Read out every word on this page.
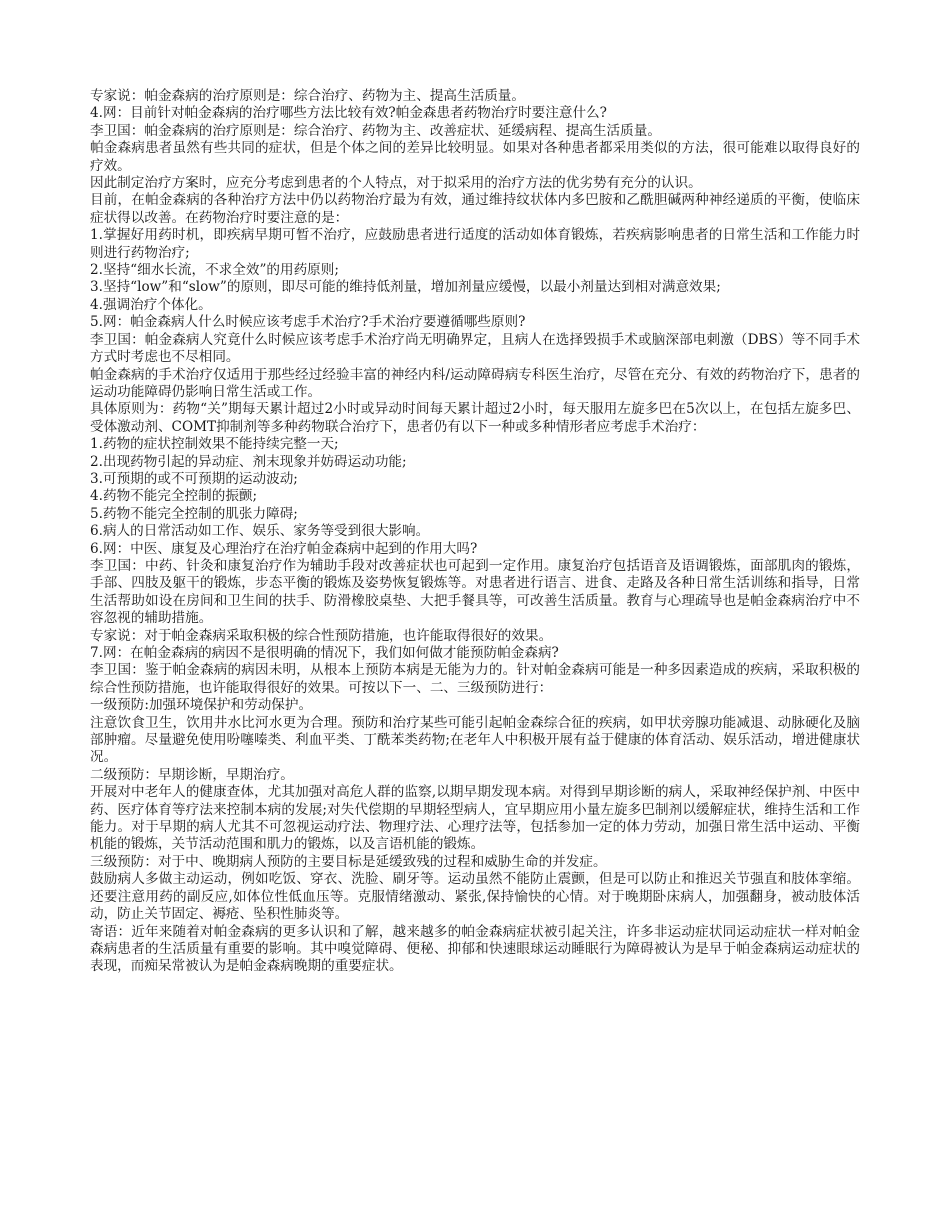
专家说：帕金森病的治疗原则是：综合治疗、药物为主、提高生活质量。

4.网：目前针对帕金森病的治疗哪些方法比较有效?帕金森患者药物治疗时要注意什么?

李卫国：帕金森病的治疗原则是：综合治疗、药物为主、改善症状、延缓病程、提高生活质量。

帕金森病患者虽然有些共同的症状，但是个体之间的差异比较明显。如果对各种患者都采用类似的方法，很可能难以取得良好的疗效。

因此制定治疗方案时，应充分考虑到患者的个人特点，对于拟采用的治疗方法的优劣势有充分的认识。

目前，在帕金森病的各种治疗方法中仍以药物治疗最为有效，通过维持纹状体内多巴胺和乙酰胆碱两种神经递质的平衡，使临床症状得以改善。在药物治疗时要注意的是：

1.掌握好用药时机，即疾病早期可暂不治疗，应鼓励患者进行适度的活动如体育锻炼，若疾病影响患者的日常生活和工作能力时则进行药物治疗;

2.坚持“细水长流，不求全效”的用药原则;

3.坚持“low”和“slow”的原则，即尽可能的维持低剂量，增加剂量应缓慢，以最小剂量达到相对满意效果;

4.强调治疗个体化。

5.网：帕金森病人什么时候应该考虑手术治疗?手术治疗要遵循哪些原则?

李卫国：帕金森病人究竟什么时候应该考虑手术治疗尚无明确界定，且病人在选择毁损手术或脑深部电刺激（DBS）等不同手术方式时考虑也不尽相同。

帕金森病的手术治疗仅适用于那些经过经验丰富的神经内科/运动障碍病专科医生治疗，尽管在充分、有效的药物治疗下，患者的运动功能障碍仍影响日常生活或工作。

具体原则为：药物“关”期每天累计超过2小时或异动时间每天累计超过2小时，每天服用左旋多巴在5次以上，在包括左旋多巴、受体激动剂、COMT抑制剂等多种药物联合治疗下，患者仍有以下一种或多种情形者应考虑手术治疗：

1.药物的症状控制效果不能持续完整一天;

2.出现药物引起的异动症、剂末现象并妨碍运动功能;

3.可预期的或不可预期的运动波动;

4.药物不能完全控制的振颤;

5.药物不能完全控制的肌张力障碍;

6.病人的日常活动如工作、娱乐、家务等受到很大影响。

6.网：中医、康复及心理治疗在治疗帕金森病中起到的作用大吗?

李卫国：中药、针灸和康复治疗作为辅助手段对改善症状也可起到一定作用。康复治疗包括语音及语调锻炼，面部肌肉的锻炼，手部、四肢及躯干的锻炼，步态平衡的锻炼及姿势恢复锻炼等。对患者进行语言、进食、走路及各种日常生活训练和指导，日常生活帮助如设在房间和卫生间的扶手、防滑橡胶桌垫、大把手餐具等，可改善生活质量。教育与心理疏导也是帕金森病治疗中不容忽视的辅助措施。

专家说：对于帕金森病采取积极的综合性预防措施，也许能取得很好的效果。

7.网：在帕金森病的病因不是很明确的情况下，我们如何做才能预防帕金森病?

李卫国：鉴于帕金森病的病因未明，从根本上预防本病是无能为力的。针对帕金森病可能是一种多因素造成的疾病，采取积极的综合性预防措施，也许能取得很好的效果。可按以下一、二、三级预防进行：

一级预防:加强环境保护和劳动保护。

注意饮食卫生，饮用井水比河水更为合理。预防和治疗某些可能引起帕金森综合征的疾病，如甲状旁腺功能减退、动脉硬化及脑部肿瘤。尽量避免使用吩噻嗪类、利血平类、丁酰苯类药物;在老年人中积极开展有益于健康的体育活动、娱乐活动，增进健康状况。

二级预防：早期诊断，早期治疗。

开展对中老年人的健康查体，尤其加强对高危人群的监察,以期早期发现本病。对得到早期诊断的病人，采取神经保护剂、中医中药、医疗体育等疗法来控制本病的发展;对失代偿期的早期轻型病人，宜早期应用小量左旋多巴制剂以缓解症状，维持生活和工作能力。对于早期的病人尤其不可忽视运动疗法、物理疗法、心理疗法等，包括参加一定的体力劳动，加强日常生活中运动、平衡机能的锻炼，关节活动范围和肌力的锻炼，以及言语机能的锻炼。

三级预防：对于中、晚期病人预防的主要目标是延缓致残的过程和威胁生命的并发症。

鼓励病人多做主动运动，例如吃饭、穿衣、洗脸、刷牙等。运动虽然不能防止震颤，但是可以防止和推迟关节强直和肢体挛缩。还要注意用药的副反应,如体位性低血压等。克服情绪激动、紧张,保持愉快的心情。对于晚期卧床病人，加强翻身，被动肢体活动，防止关节固定、褥疮、坠积性肺炎等。

寄语：近年来随着对帕金森病的更多认识和了解，越来越多的帕金森病症状被引起关注，许多非运动症状同运动症状一样对帕金森病患者的生活质量有重要的影响。其中嗅觉障碍、便秘、抑郁和快速眼球运动睡眠行为障碍被认为是早于帕金森病运动症状的表现，而痴呆常被认为是帕金森病晚期的重要症状。
